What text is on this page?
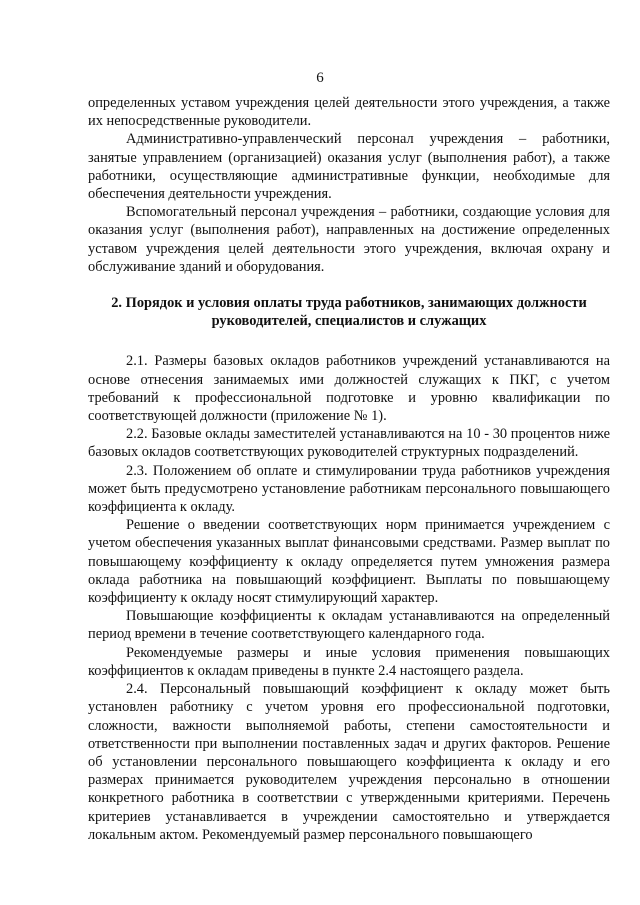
6

определенных уставом учреждения целей деятельности этого учреждения, а также их непосредственные руководители.

Административно-управленческий персонал учреждения – работники, занятые управлением (организацией) оказания услуг (выполнения работ), а также работники, осуществляющие административные функции, необходимые для обеспечения деятельности учреждения.

Вспомогательный персонал учреждения – работники, создающие условия для оказания услуг (выполнения работ), направленных на достижение определенных уставом учреждения целей деятельности этого учреждения, включая охрану и обслуживание зданий и оборудования.

2. Порядок и условия оплаты труда работников, занимающих должности руководителей, специалистов и служащих

2.1. Размеры базовых окладов работников учреждений устанавливаются на основе отнесения занимаемых ими должностей служащих к ПКГ, с учетом требований к профессиональной подготовке и уровню квалификации по соответствующей должности (приложение № 1).

2.2. Базовые оклады заместителей устанавливаются на 10 - 30 процентов ниже базовых окладов соответствующих руководителей структурных подразделений.

2.3. Положением об оплате и стимулировании труда работников учреждения может быть предусмотрено установление работникам персонального повышающего коэффициента к окладу.

Решение о введении соответствующих норм принимается учреждением с учетом обеспечения указанных выплат финансовыми средствами. Размер выплат по повышающему коэффициенту к окладу определяется путем умножения размера оклада работника на повышающий коэффициент. Выплаты по повышающему коэффициенту к окладу носят стимулирующий характер.

Повышающие коэффициенты к окладам устанавливаются на определенный период времени в течение соответствующего календарного года.

Рекомендуемые размеры и иные условия применения повышающих коэффициентов к окладам приведены в пункте 2.4 настоящего раздела.

2.4. Персональный повышающий коэффициент к окладу может быть установлен работнику с учетом уровня его профессиональной подготовки, сложности, важности выполняемой работы, степени самостоятельности и ответственности при выполнении поставленных задач и других факторов. Решение об установлении персонального повышающего коэффициента к окладу и его размерах принимается руководителем учреждения персонально в отношении конкретного работника в соответствии с утвержденными критериями. Перечень критериев устанавливается в учреждении самостоятельно и утверждается локальным актом. Рекомендуемый размер персонального повышающего
